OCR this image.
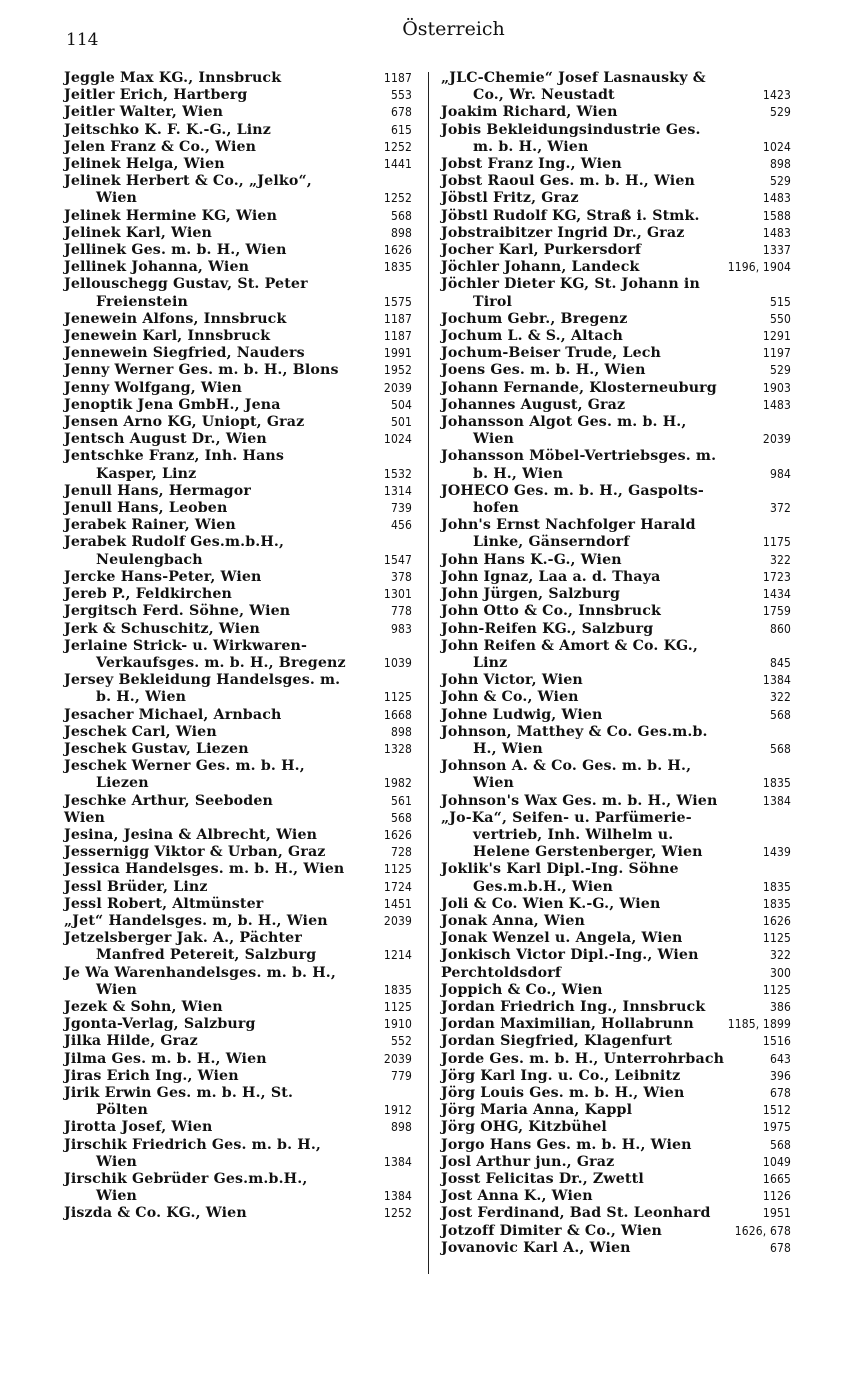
114	Österreich
Jeggle Max KG., Innsbruck	1187
Jeitler Erich, Hartberg	553
Jeitler Walter, Wien	678
Jeitschko K. F. K.-G., Linz	615
Jelen Franz & Co., Wien	1252
Jelinek Helga, Wien	1441
Jelinek Herbert & Co., „Jelko“,
Wien	1252
Jelinek Hermine KG, Wien	568
Jelinek Karl, Wien	898
Jellinek Ges. m. b. H., Wien	1626
Jellinek Johanna, Wien	1835
Jellouschegg Gustav, St. Peter
Freienstein	1575
Jenewein Alfons, Innsbruck	1187
Jenewein Karl, Innsbruck	1187
Jennewein Siegfried, Nauders	1991
Jenny Werner Ges. m. b. H., Blons	1952
Jenny Wolfgang, Wien	2039
Jenoptik Jena GmbH., Jena	504
Jensen Arno KG, Uniopt, Graz	501
Jentsch August Dr., Wien	1024
Jentschke Franz, Inh. Hans
Kasper, Linz	1532
Jenull Hans, Hermagor	1314
Jenull Hans, Leoben	739
Jerabek Rainer, Wien	456
Jerabek Rudolf Ges.m.b.H.,
Neulengbach	1547
Jercke Hans-Peter, Wien	378
Jereb P., Feldkirchen	1301
Jergitsch Ferd. Söhne, Wien	778
Jerk & Schuschitz, Wien	983
Jerlaine Strick- u. Wirkwaren-
Verkaufsges. m. b. H., Bregenz	1039
Jersey Bekleidung Handelsges. m.
b. H., Wien	1125
Jesacher Michael, Arnbach	1668
Jeschek Carl, Wien	898
Jeschek Gustav, Liezen	1328
Jeschek Werner Ges. m. b. H.,
Liezen	1982
Jeschke Arthur, Seeboden	561
Wien	568
Jesina, Jesina & Albrecht, Wien	1626
Jessernigg Viktor & Urban, Graz	728
Jessica Handelsges. m. b. H., Wien	1125
Jessl Brüder, Linz	1724
Jessl Robert, Altmünster	1451
„Jet“ Handelsges. m, b. H., Wien	2039
Jetzelsberger Jak. A., Pächter
Manfred Petereit, Salzburg	1214
Je Wa Warenhandelsges. m. b. H.,
Wien	1835
Jezek & Sohn, Wien	1125
Jgonta-Verlag, Salzburg	1910
Jilka Hilde, Graz	552
Jilma Ges. m. b. H., Wien	2039
Jiras Erich Ing., Wien	779
Jirik Erwin Ges. m. b. H., St.
Pölten	1912
Jirotta Josef, Wien	898
Jirschik Friedrich Ges. m. b. H.,
Wien	1384
Jirschik Gebrüder Ges.m.b.H.,
Wien	1384
Jiszda & Co. KG., Wien	1252
„JLC-Chemie“ Josef Lasnausky &
Co., Wr. Neustadt	1423
Joakim Richard, Wien	529
Jobis Bekleidungsindustrie Ges.
m. b. H., Wien	1024
Jobst Franz Ing., Wien	898
Jobst Raoul Ges. m. b. H., Wien	529
Jöbstl Fritz, Graz	1483
Jöbstl Rudolf KG, Straß i. Stmk.	1588
Jobstraibitzer Ingrid Dr., Graz	1483
Jocher Karl, Purkersdorf	1337
Jöchler Johann, Landeck	1196, 1904
Jöchler Dieter KG, St. Johann in
Tirol	515
Jochum Gebr., Bregenz	550
Jochum L. & S., Altach	1291
Jochum-Beiser Trude, Lech	1197
Joens Ges. m. b. H., Wien	529
Johann Fernande, Klosterneuburg	1903
Johannes August, Graz	1483
Johansson Algot Ges. m. b. H.,
Wien	2039
Johansson Möbel-Vertriebsges. m.
b. H., Wien	984
JOHECO Ges. m. b. H., Gaspolts-
hofen	372
John's Ernst Nachfolger Harald
Linke, Gänserndorf	1175
John Hans K.-G., Wien	322
John Ignaz, Laa a. d. Thaya	1723
John Jürgen, Salzburg	1434
John Otto & Co., Innsbruck	1759
John-Reifen KG., Salzburg	860
John Reifen & Amort & Co. KG.,
Linz	845
John Victor, Wien	1384
John & Co., Wien	322
Johne Ludwig, Wien	568
Johnson, Matthey & Co. Ges.m.b.
H., Wien	568
Johnson A. & Co. Ges. m. b. H.,
Wien	1835
Johnson's Wax Ges. m. b. H., Wien	1384
„Jo-Ka“, Seifen- u. Parfümerie-
vertrieb, Inh. Wilhelm u.
Helene Gerstenberger, Wien	1439
Joklik's Karl Dipl.-Ing. Söhne
Ges.m.b.H., Wien	1835
Joli & Co. Wien K.-G., Wien	1835
Jonak Anna, Wien	1626
Jonak Wenzel u. Angela, Wien	1125
Jonkisch Victor Dipl.-Ing., Wien	322
Perchtoldsdorf	300
Joppich & Co., Wien	1125
Jordan Friedrich Ing., Innsbruck	386
Jordan Maximilian, Hollabrunn	1185, 1899
Jordan Siegfried, Klagenfurt	1516
Jorde Ges. m. b. H., Unterrohrbach	643
Jörg Karl Ing. u. Co., Leibnitz	396
Jörg Louis Ges. m. b. H., Wien	678
Jörg Maria Anna, Kappl	1512
Jörg OHG, Kitzbühel	1975
Jorgo Hans Ges. m. b. H., Wien	568
Josl Arthur jun., Graz	1049
Josst Felicitas Dr., Zwettl	1665
Jost Anna K., Wien	1126
Jost Ferdinand, Bad St. Leonhard	1951
Jotzoff Dimiter & Co., Wien	1626, 678
Jovanovic Karl A., Wien	678
